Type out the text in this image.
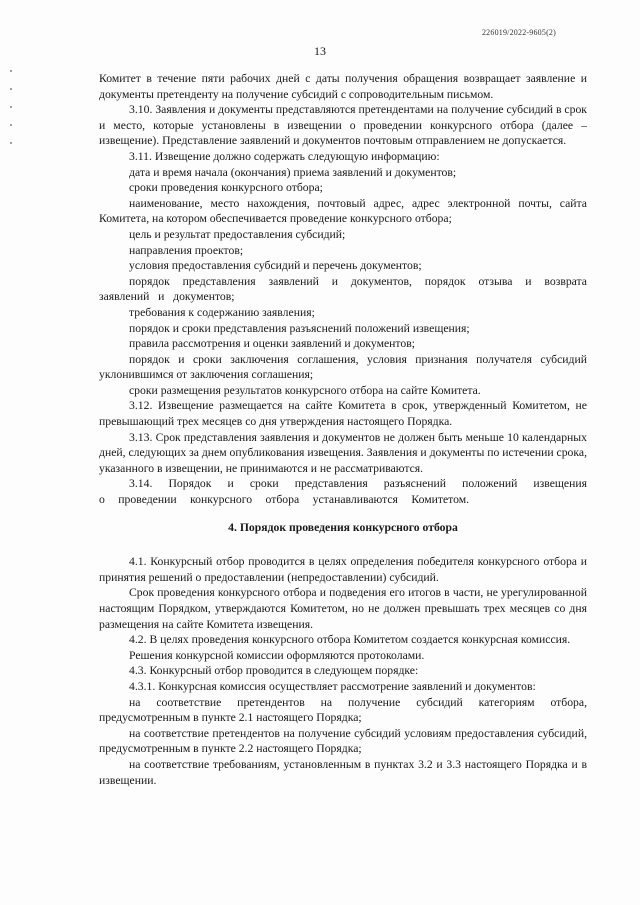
226019/2022-9605(2)
13

Комитет в течение пяти рабочих дней с даты получения обращения возвращает заявление и документы претенденту на получение субсидий с сопроводительным письмом.

3.10. Заявления и документы представляются претендентами на получение субсидий в срок и место, которые установлены в извещении о проведении конкурсного отбора (далее – извещение). Представление заявлений и документов почтовым отправлением не допускается.

3.11. Извещение должно содержать следующую информацию:

дата и время начала (окончания) приема заявлений и документов;

сроки проведения конкурсного отбора;

наименование, место нахождения, почтовый адрес, адрес электронной почты, сайта Комитета, на котором обеспечивается проведение конкурсного отбора;

цель и результат предоставления субсидий;

направления проектов;

условия предоставления субсидий и перечень документов;

порядок представления заявлений и документов, порядок отзыва и возврата заявлений и документов;

требования к содержанию заявления;

порядок и сроки представления разъяснений положений извещения;

правила рассмотрения и оценки заявлений и документов;

порядок и сроки заключения соглашения, условия признания получателя субсидий уклонившимся от заключения соглашения;

сроки размещения результатов конкурсного отбора на сайте Комитета.

3.12. Извещение размещается на сайте Комитета в срок, утвержденный Комитетом, не превышающий трех месяцев со дня утверждения настоящего Порядка.

3.13. Срок представления заявления и документов не должен быть меньше 10 календарных дней, следующих за днем опубликования извещения. Заявления и документы по истечении срока, указанного в извещении, не принимаются и не рассматриваются.

3.14. Порядок и сроки представления разъяснений положений извещения о проведении конкурсного отбора устанавливаются Комитетом.

4. Порядок проведения конкурсного отбора

4.1. Конкурсный отбор проводится в целях определения победителя конкурсного отбора и принятия решений о предоставлении (непредоставлении) субсидий.

Срок проведения конкурсного отбора и подведения его итогов в части, не урегулированной настоящим Порядком, утверждаются Комитетом, но не должен превышать трех месяцев со дня размещения на сайте Комитета извещения.

4.2. В целях проведения конкурсного отбора Комитетом создается конкурсная комиссия.

Решения конкурсной комиссии оформляются протоколами.

4.3. Конкурсный отбор проводится в следующем порядке:

4.3.1. Конкурсная комиссия осуществляет рассмотрение заявлений и документов:

на соответствие претендентов на получение субсидий категориям отбора, предусмотренным в пункте 2.1 настоящего Порядка;

на соответствие претендентов на получение субсидий условиям предоставления субсидий, предусмотренным в пункте 2.2 настоящего Порядка;

на соответствие требованиям, установленным в пунктах 3.2 и 3.3 настоящего Порядка и в извещении.
